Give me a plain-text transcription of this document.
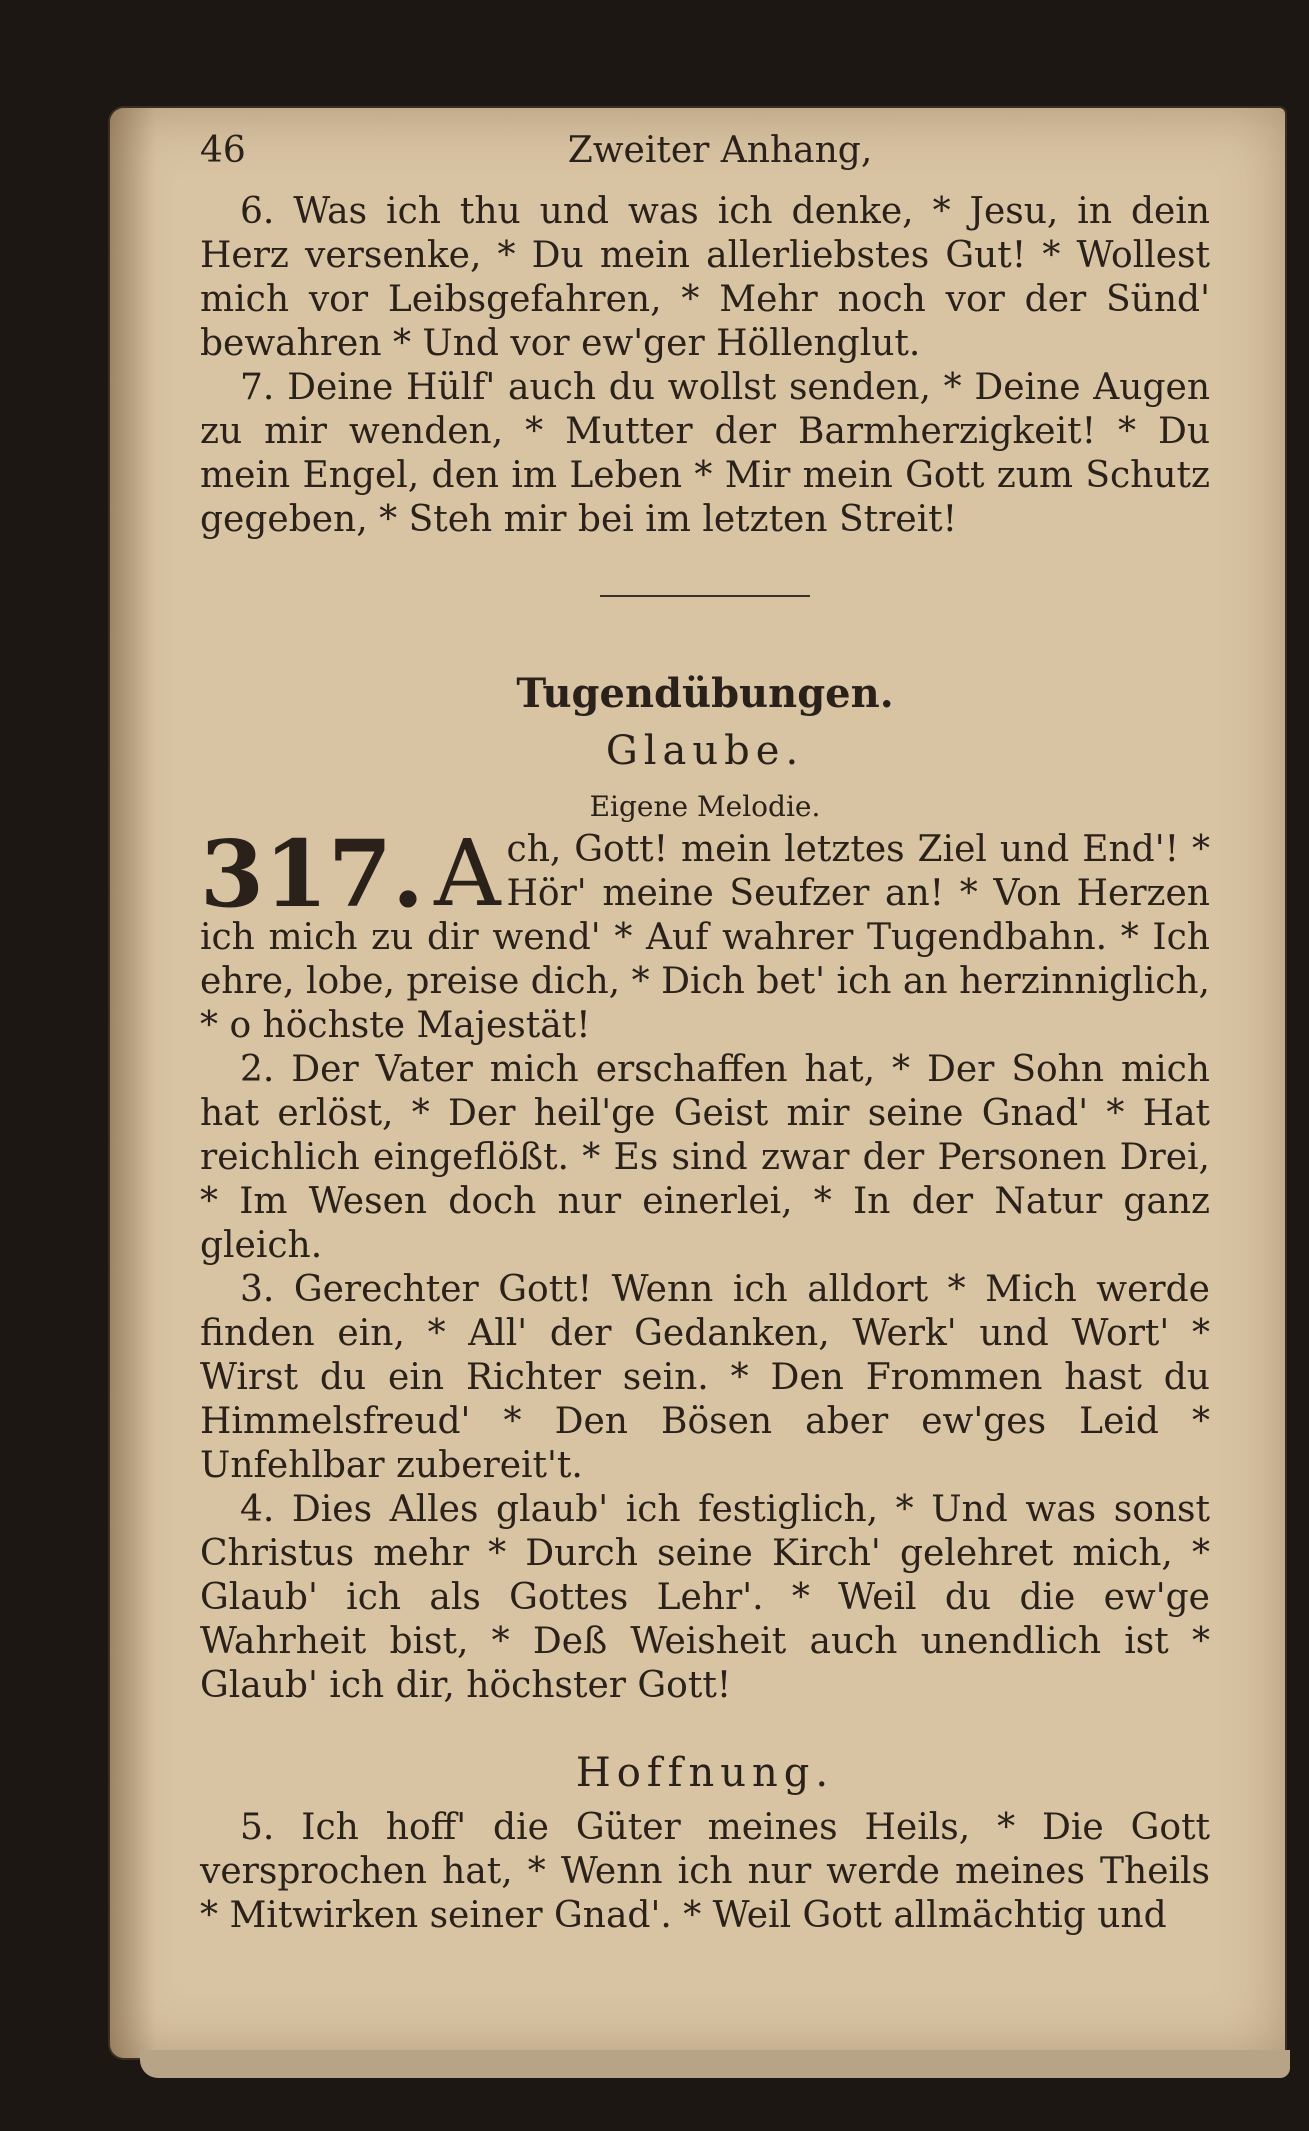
46	Zweiter Anhang,

6. Was ich thu und was ich denke, * Jesu, in dein Herz versenke, * Du mein allerliebstes Gut! * Wollest mich vor Leibsgefahren, * Mehr noch vor der Sünd' bewahren * Und vor ew'ger Höllenglut.

7. Deine Hülf' auch du wollst senden, * Deine Augen zu mir wenden, * Mutter der Barmherzigkeit! * Du mein Engel, den im Leben * Mir mein Gott zum Schutz gegeben, * Steh mir bei im letzten Streit!

Tugendübungen.
Glaube.
Eigene Melodie.
317. A ch, Gott! mein letztes Ziel und End'! * Hör' meine Seufzer an! * Von Herzen ich mich zu dir wend' * Auf wahrer Tugendbahn. * Ich ehre, lobe, preise dich, * Dich bet' ich an herzinniglich, * o höchste Majestät!

2. Der Vater mich erschaffen hat, * Der Sohn mich hat erlöst, * Der heil'ge Geist mir seine Gnad' * Hat reichlich eingeflößt. * Es sind zwar der Personen Drei, * Im Wesen doch nur einerlei, * In der Natur ganz gleich.

3. Gerechter Gott! Wenn ich alldort * Mich werde finden ein, * All' der Gedanken, Werk' und Wort' * Wirst du ein Richter sein. * Den Frommen hast du Himmelsfreud' * Den Bösen aber ew'ges Leid * Unfehlbar zubereit't.

4. Dies Alles glaub' ich festiglich, * Und was sonst Christus mehr * Durch seine Kirch' gelehret mich, * Glaub' ich als Gottes Lehr'. * Weil du die ew'ge Wahrheit bist, * Deß Weisheit auch unendlich ist * Glaub' ich dir, höchster Gott!

Hoffnung.

5. Ich hoff' die Güter meines Heils, * Die Gott versprochen hat, * Wenn ich nur werde meines Theils * Mitwirken seiner Gnad'. * Weil Gott allmächtig und
